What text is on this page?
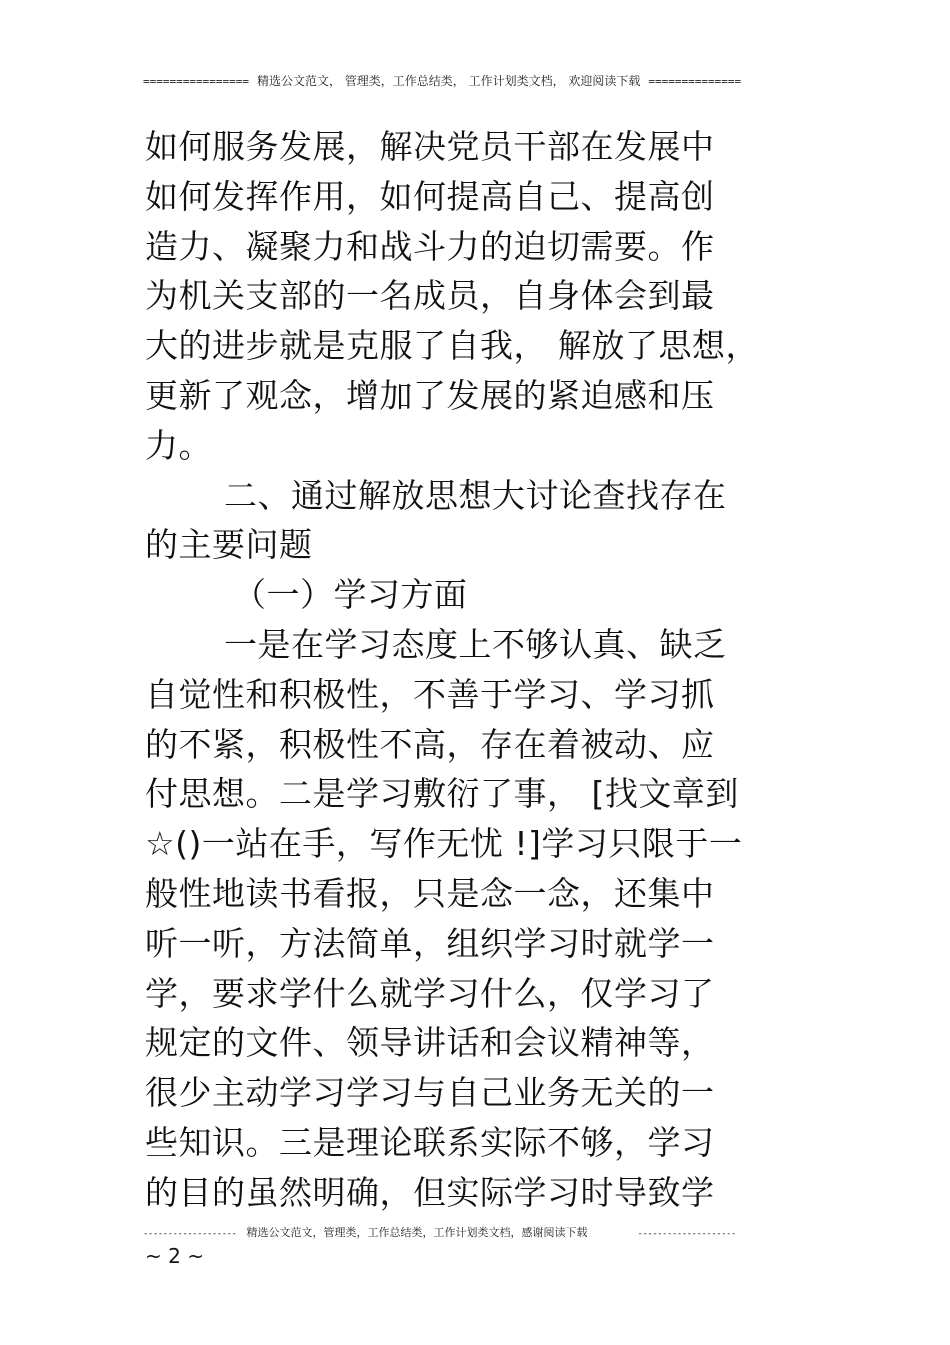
================ 精选公文范文， 管理类，工作总结类， 工作计划类文档， 欢迎阅读下载 ==============
如何服务发展，解决党员干部在发展中
如何发挥作用，如何提高自己、提高创
造力、凝聚力和战斗力的迫切需要。作
为机关支部的一名成员，自身体会到最
大的进步就是克服了自我， 解放了思想，
更新了观念，增加了发展的紧迫感和压
力。
二、通过解放思想大讨论查找存在
的主要问题
（一）学习方面
一是在学习态度上不够认真、缺乏
自觉性和积极性，不善于学习、学习抓
的不紧，积极性不高，存在着被动、应
付思想。二是学习敷衍了事， [找文章到
☆()一站在手，写作无忧 !]学习只限于一
般性地读书看报，只是念一念，还集中
听一听，方法简单，组织学习时就学一
学，要求学什么就学习什么，仅学习了
规定的文件、领导讲话和会议精神等，
很少主动学习学习与自己业务无关的一
些知识。三是理论联系实际不够，学习
的目的虽然明确，但实际学习时导致学
------------------- 精选公文范文，管理类，工作总结类，工作计划类文档，感谢阅读下载	--------------------
~ 2 ~
